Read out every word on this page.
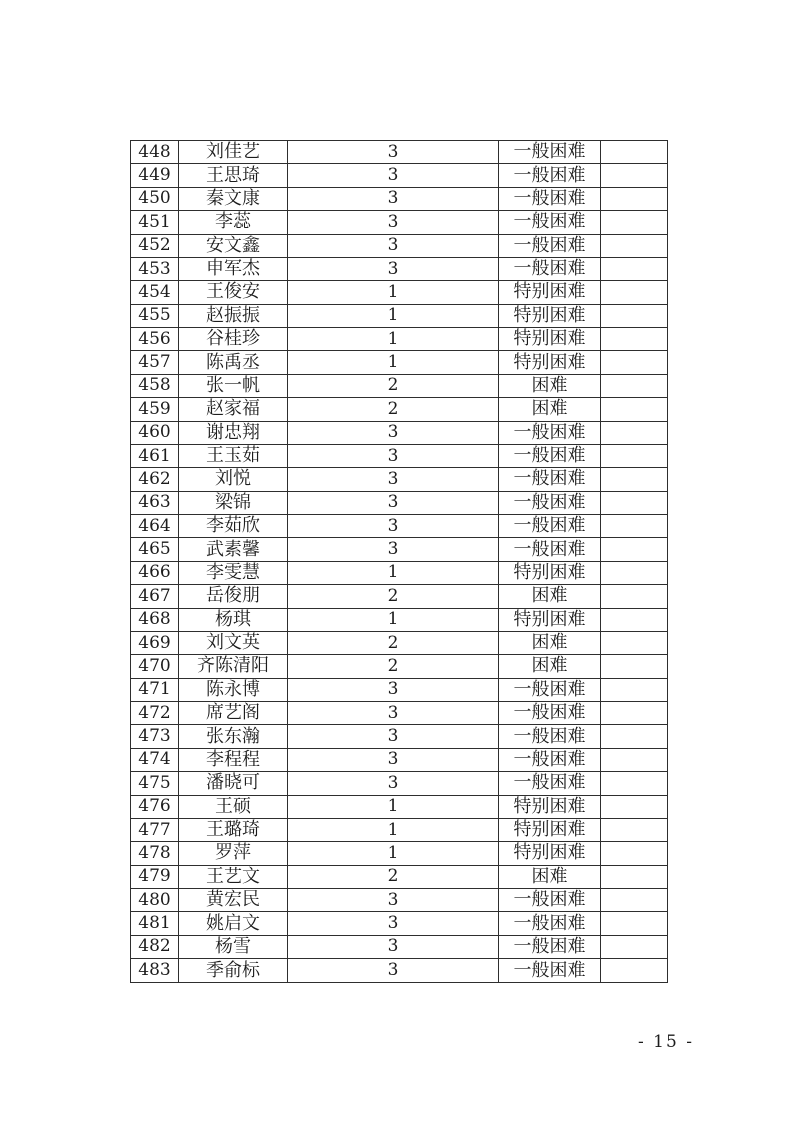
448	刘佳艺	3	一般困难	
449	王思琦	3	一般困难	
450	秦文康	3	一般困难	
451	李蕊	3	一般困难	
452	安文鑫	3	一般困难	
453	申军杰	3	一般困难	
454	王俊安	1	特别困难	
455	赵振振	1	特别困难	
456	谷桂珍	1	特别困难	
457	陈禹丞	1	特别困难	
458	张一帆	2	困难	
459	赵家福	2	困难	
460	谢忠翔	3	一般困难	
461	王玉茹	3	一般困难	
462	刘悦	3	一般困难	
463	梁锦	3	一般困难	
464	李茹欣	3	一般困难	
465	武素馨	3	一般困难	
466	李雯慧	1	特别困难	
467	岳俊朋	2	困难	
468	杨琪	1	特别困难	
469	刘文英	2	困难	
470	齐陈清阳	2	困难	
471	陈永博	3	一般困难	
472	席艺阁	3	一般困难	
473	张东瀚	3	一般困难	
474	李程程	3	一般困难	
475	潘晓可	3	一般困难	
476	王硕	1	特别困难	
477	王璐琦	1	特别困难	
478	罗萍	1	特别困难	
479	王艺文	2	困难	
480	黄宏民	3	一般困难	
481	姚启文	3	一般困难	
482	杨雪	3	一般困难	
483	季俞标	3	一般困难	
- 15 -
